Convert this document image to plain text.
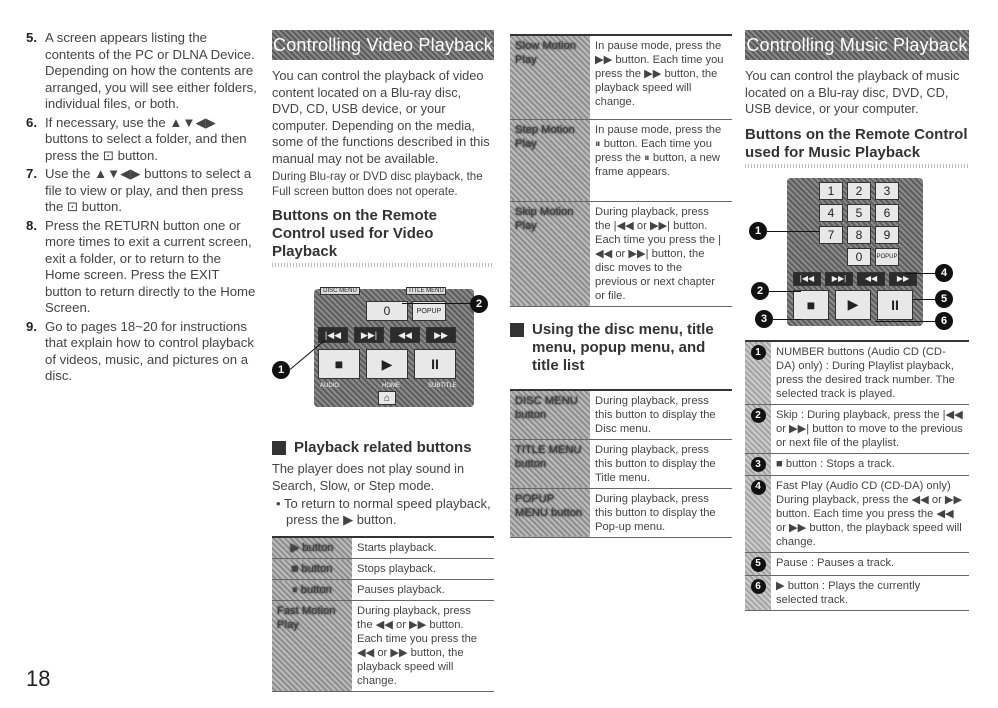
5. A screen appears listing the contents of the PC or DLNA Device. Depending on how the contents are arranged, you will see either folders, individual files, or both.
6. If necessary, use the ▲▼◀▶ buttons to select a folder, and then press the ⊡ button.
7. Use the ▲▼◀▶ buttons to select a file to view or play, and then press the ⊡ button.
8. Press the RETURN button one or more times to exit a current screen, exit a folder, or to return to the Home screen. Press the EXIT button to return directly to the Home Screen.
9. Go to pages 18~20 for instructions that explain how to control playback of videos, music, and pictures on a disc.
Controlling Video Playback

You can control the playback of video content located on a Blu-ray disc, DVD, CD, USB device, or your computer. Depending on the media, some of the functions described in this manual may not be available.

During Blu-ray or DVD disc playback, the Full screen button does not operate.

Buttons on the Remote Control used for Video Playback
DISC MENU	TITLE MENU
0	POPUP
|◀◀	▶▶|	◀◀	▶▶
■	▶	II
AUDIO	HOME	SUBTITLE
⌂
1
2
Playback related buttons

The player does not play sound in Search, Slow, or Step mode.

• To return to normal speed playback, press the ▶ button.

▶ button	Starts playback.
■ button	Stops playback.
⏸ button	Pauses playback.
Fast Motion Play	During playback, press the ◀◀ or ▶▶ button. Each time you press the ◀◀ or ▶▶ button, the playback speed will change.
Slow Motion Play	In pause mode, press the ▶▶ button. Each time you press the ▶▶ button, the playback speed will change.
Step Motion Play	In pause mode, press the ⏸ button. Each time you press the ⏸ button, a new frame appears.
Skip Motion Play	During playback, press the |◀◀ or ▶▶| button. Each time you press the |◀◀ or ▶▶| button, the disc moves to the previous or next chapter or file.
Using the disc menu, title menu, popup menu, and title list
DISC MENU button	During playback, press this button to display the Disc menu.
TITLE MENU button	During playback, press this button to display the Title menu.
POPUP MENU button	During playback, press this button to display the Pop-up menu.
Controlling Music Playback

You can control the playback of music located on a Blu-ray disc, DVD, CD, USB device, or your computer.

Buttons on the Remote Control used for Music Playback
1	2	3
4	5	6
7	8	9
0	POPUP
|◀◀	▶▶|	◀◀	▶▶
■	▶	II
1
2
3
4
5
6
1	NUMBER buttons (Audio CD (CD-DA) only) : During Playlist playback, press the desired track number. The selected track is played.
2	Skip : During playback, press the |◀◀ or ▶▶| button to move to the previous or next file of the playlist.
3	■ button : Stops a track.
4	Fast Play (Audio CD (CD-DA) only) During playback, press the ◀◀ or ▶▶ button. Each time you press the ◀◀ or ▶▶ button, the playback speed will change.
5	Pause : Pauses a track.
6	▶ button : Plays the currently selected track.
18
